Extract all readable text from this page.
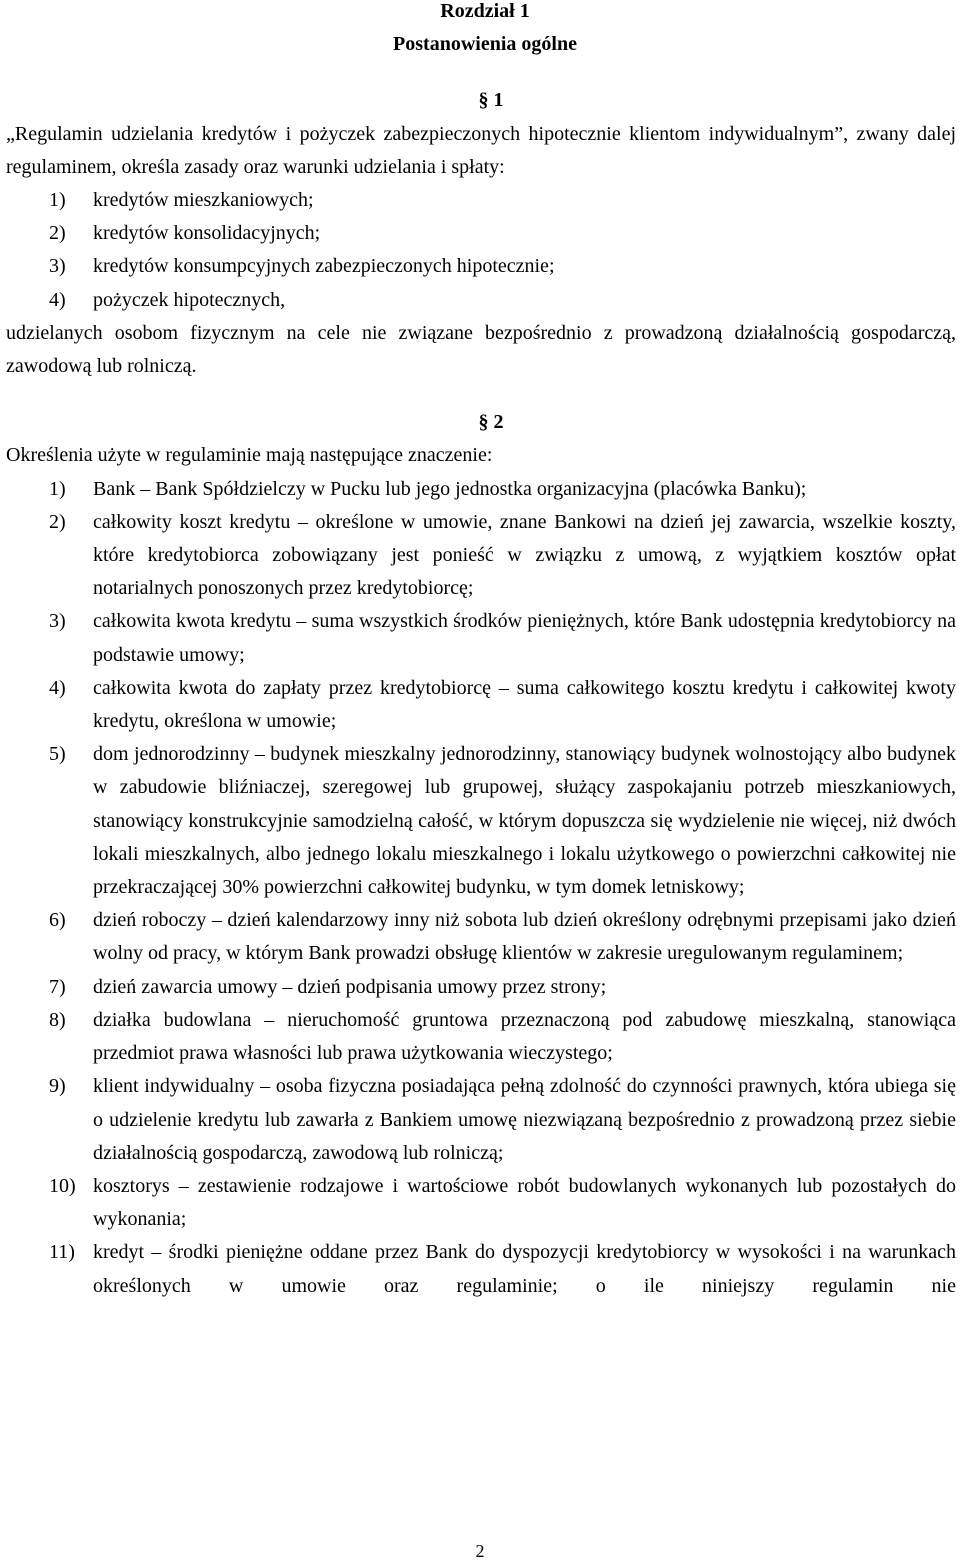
Rozdział 1

Postanowienia ogólne

§ 1

„Regulamin udzielania kredytów i pożyczek zabezpieczonych hipotecznie klientom indywidualnym”, zwany dalej regulaminem, określa zasady oraz warunki udzielania i spłaty:

1) kredytów mieszkaniowych;
2) kredytów konsolidacyjnych;
3) kredytów konsumpcyjnych zabezpieczonych hipotecznie;
4) pożyczek hipotecznych,

udzielanych osobom fizycznym na cele nie związane bezpośrednio z prowadzoną działalnością gospodarczą, zawodową lub rolniczą.

§ 2

Określenia użyte w regulaminie mają następujące znaczenie:

1) Bank – Bank Spółdzielczy w Pucku lub jego jednostka organizacyjna (placówka Banku);
2) całkowity koszt kredytu – określone w umowie, znane Bankowi na dzień jej zawarcia, wszelkie koszty, które kredytobiorca zobowiązany jest ponieść w związku z umową, z wyjątkiem kosztów opłat notarialnych ponoszonych przez kredytobiorcę;
3) całkowita kwota kredytu – suma wszystkich środków pieniężnych, które Bank udostępnia kredytobiorcy na podstawie umowy;
4) całkowita kwota do zapłaty przez kredytobiorcę – suma całkowitego kosztu kredytu i całkowitej kwoty kredytu, określona w umowie;
5) dom jednorodzinny – budynek mieszkalny jednorodzinny, stanowiący budynek wolnostojący albo budynek w zabudowie bliźniaczej, szeregowej lub grupowej, służący zaspokajaniu potrzeb mieszkaniowych, stanowiący konstrukcyjnie samodzielną całość, w którym dopuszcza się wydzielenie nie więcej, niż dwóch lokali mieszkalnych, albo jednego lokalu mieszkalnego i lokalu użytkowego o powierzchni całkowitej nie przekraczającej 30% powierzchni całkowitej budynku, w tym domek letniskowy;
6) dzień roboczy – dzień kalendarzowy inny niż sobota lub dzień określony odrębnymi przepisami jako dzień wolny od pracy, w którym Bank prowadzi obsługę klientów w zakresie uregulowanym regulaminem;
7) dzień zawarcia umowy – dzień podpisania umowy przez strony;
8) działka budowlana – nieruchomość gruntowa przeznaczoną pod zabudowę mieszkalną, stanowiąca przedmiot prawa własności lub prawa użytkowania wieczystego;
9) klient indywidualny – osoba fizyczna posiadająca pełną zdolność do czynności prawnych, która ubiega się o udzielenie kredytu lub zawarła z Bankiem umowę niezwiązaną bezpośrednio z prowadzoną przez siebie działalnością gospodarczą, zawodową lub rolniczą;
10) kosztorys – zestawienie rodzajowe i wartościowe robót budowlanych wykonanych lub pozostałych do wykonania;
11) kredyt – środki pieniężne oddane przez Bank do dyspozycji kredytobiorcy w wysokości i na warunkach określonych w umowie oraz regulaminie; o ile niniejszy regulamin nie
2
